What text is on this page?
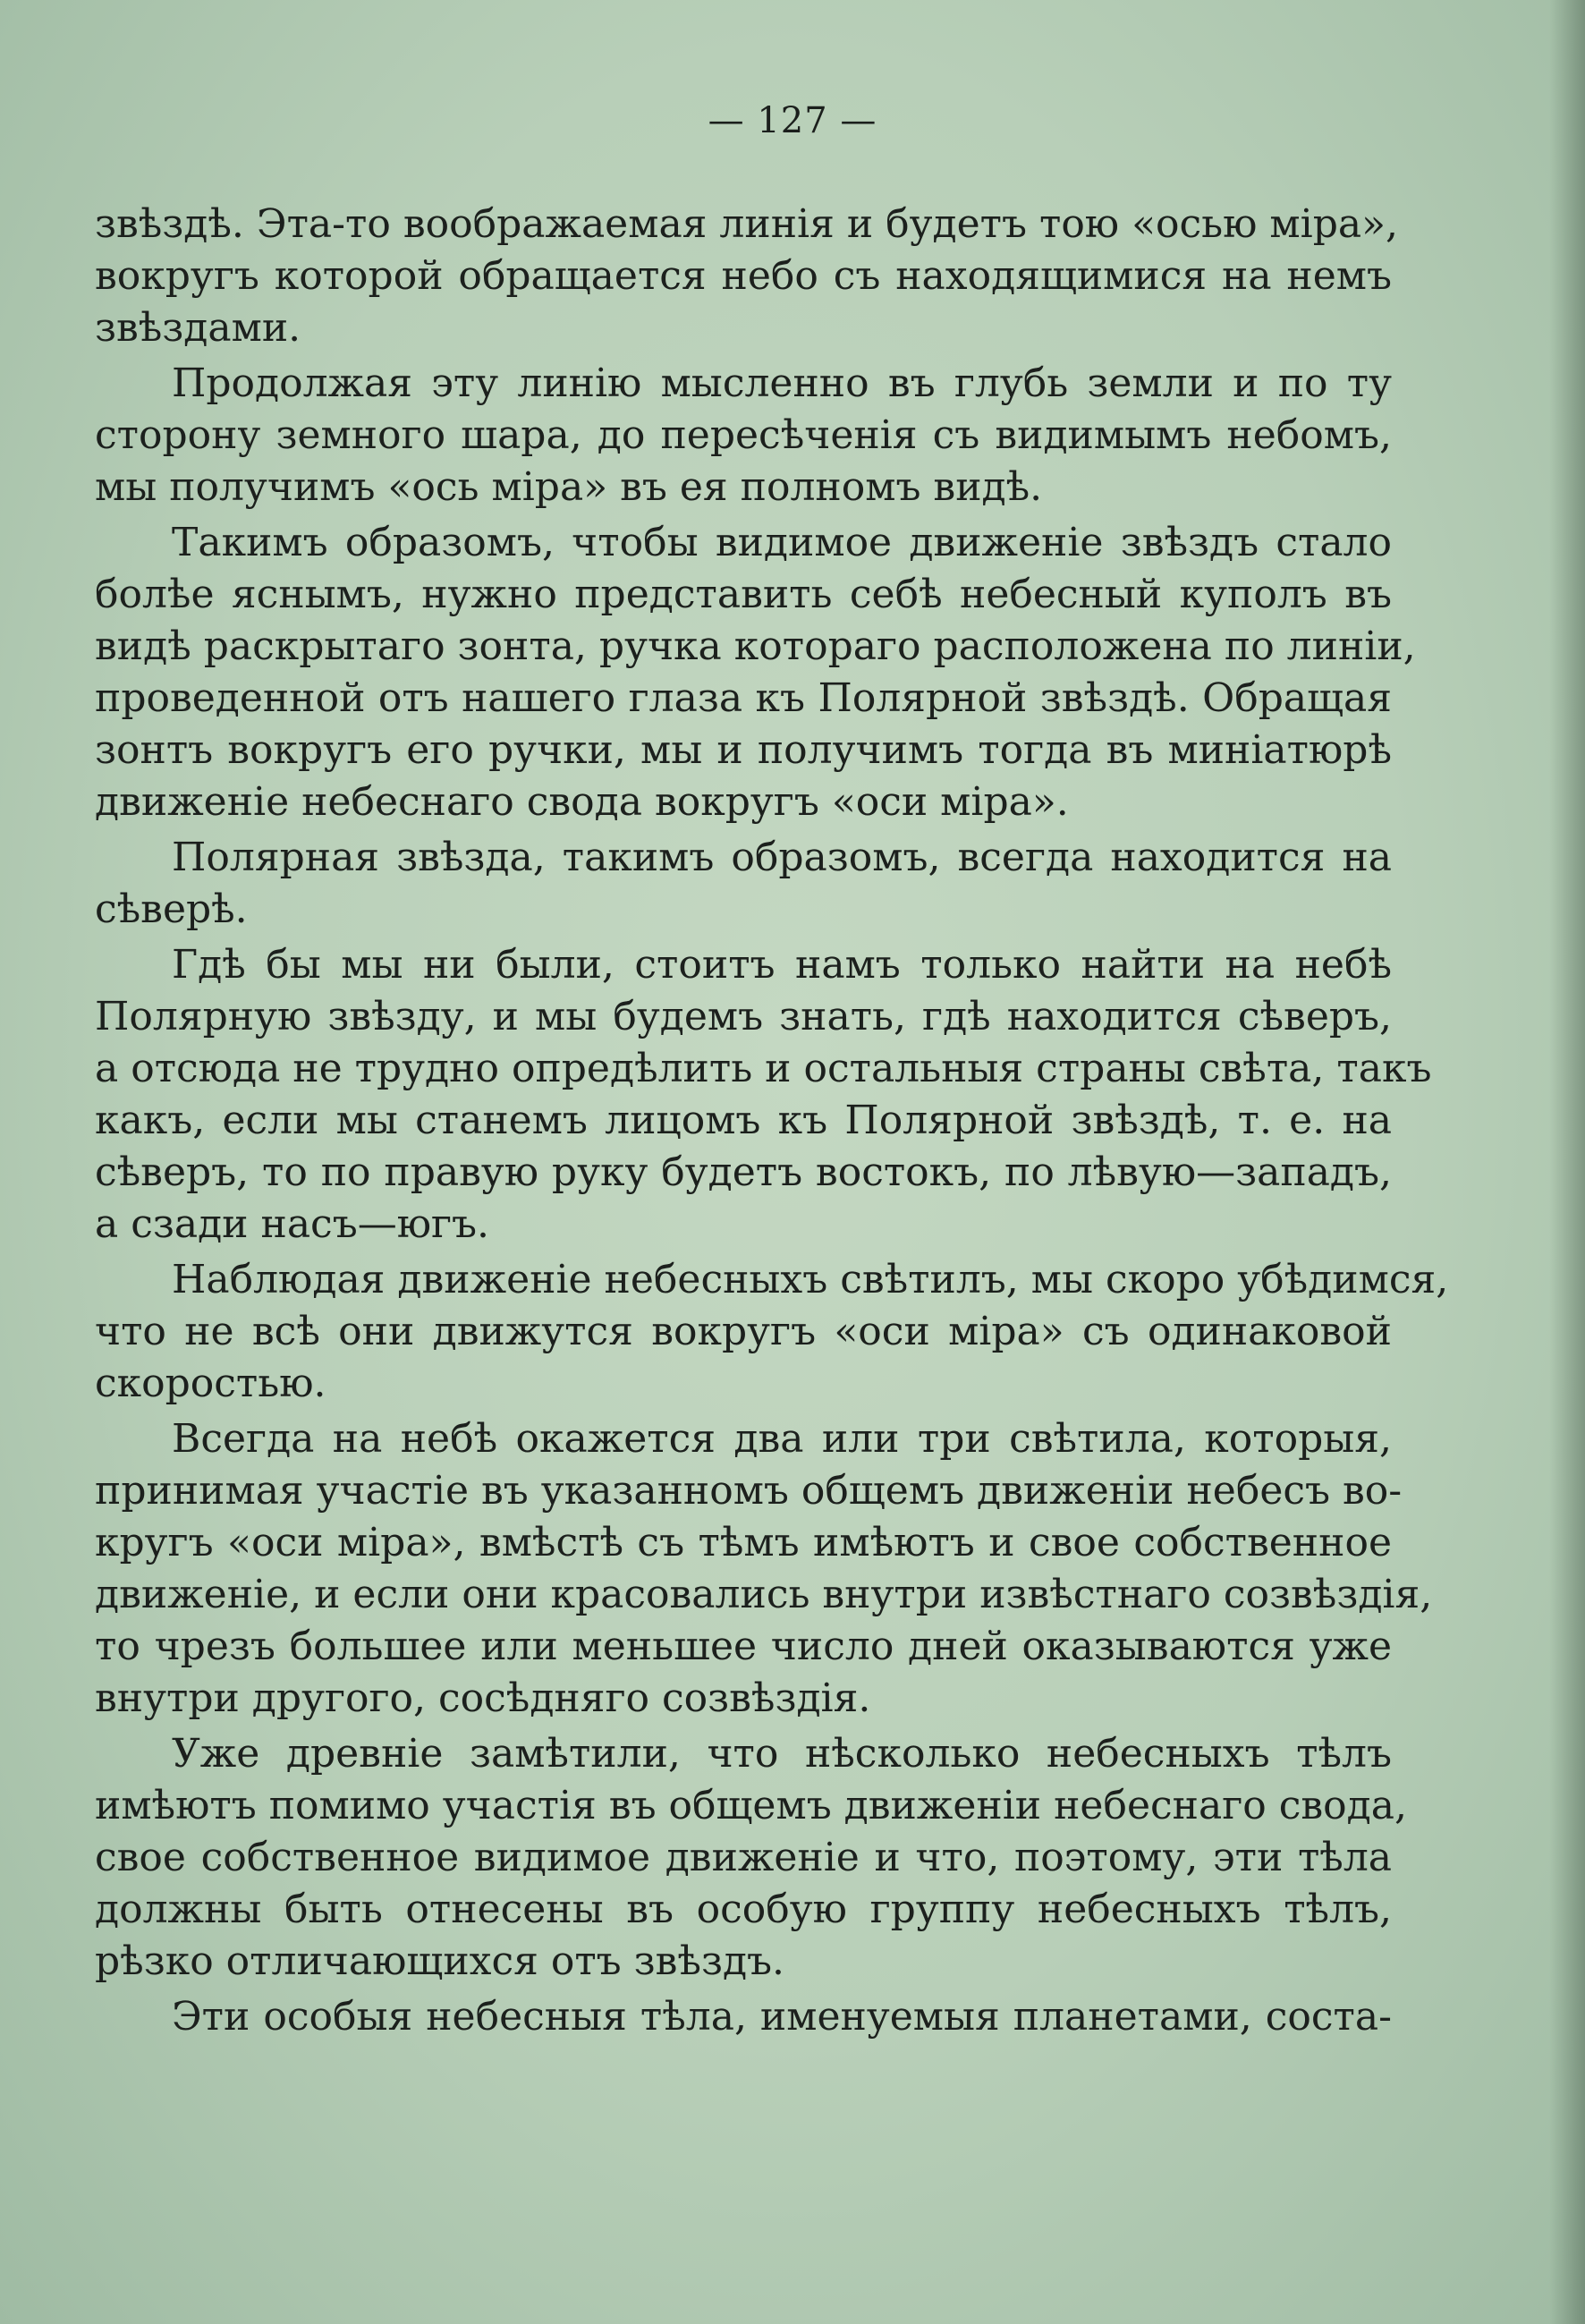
— 127 —
звѣздѣ. Эта-то воображаемая линія и будетъ тою «осью міра»,
вокругъ которой обращается небо съ находящимися на немъ
звѣздами.
Продолжая эту линію мысленно въ глубь земли и по ту
сторону земного шара, до пересѣченія съ видимымъ небомъ,
мы получимъ «ось міра» въ ея полномъ видѣ.
Такимъ образомъ, чтобы видимое движеніе звѣздъ стало
болѣе яснымъ, нужно представить себѣ небесный куполъ въ
видѣ раскрытаго зонта, ручка котораго расположена по линіи,
проведенной отъ нашего глаза къ Полярной звѣздѣ. Обращая
зонтъ вокругъ его ручки, мы и получимъ тогда въ миніатюрѣ
движеніе небеснаго свода вокругъ «оси міра».
Полярная звѣзда, такимъ образомъ, всегда находится на
сѣверѣ.
Гдѣ бы мы ни были, стоитъ намъ только найти на небѣ
Полярную звѣзду, и мы будемъ знать, гдѣ находится сѣверъ,
а отсюда не трудно опредѣлить и остальныя страны свѣта, такъ
какъ, если мы станемъ лицомъ къ Полярной звѣздѣ, т. е. на
сѣверъ, то по правую руку будетъ востокъ, по лѣвую—западъ,
а сзади насъ—югъ.
Наблюдая движеніе небесныхъ свѣтилъ, мы скоро убѣдимся,
что не всѣ они движутся вокругъ «оси міра» съ одинаковой
скоростью.
Всегда на небѣ окажется два или три свѣтила, которыя,
принимая участіе въ указанномъ общемъ движеніи небесъ во-
кругъ «оси міра», вмѣстѣ съ тѣмъ имѣютъ и свое собственное
движеніе, и если они красовались внутри извѣстнаго созвѣздія,
то чрезъ большее или меньшее число дней оказываются уже
внутри другого, сосѣдняго созвѣздія.
Уже древніе замѣтили, что нѣсколько небесныхъ тѣлъ
имѣютъ помимо участія въ общемъ движеніи небеснаго свода,
свое собственное видимое движеніе и что, поэтому, эти тѣла
должны быть отнесены въ особую группу небесныхъ тѣлъ,
рѣзко отличающихся отъ звѣздъ.
Эти особыя небесныя тѣла, именуемыя планетами, соста-
